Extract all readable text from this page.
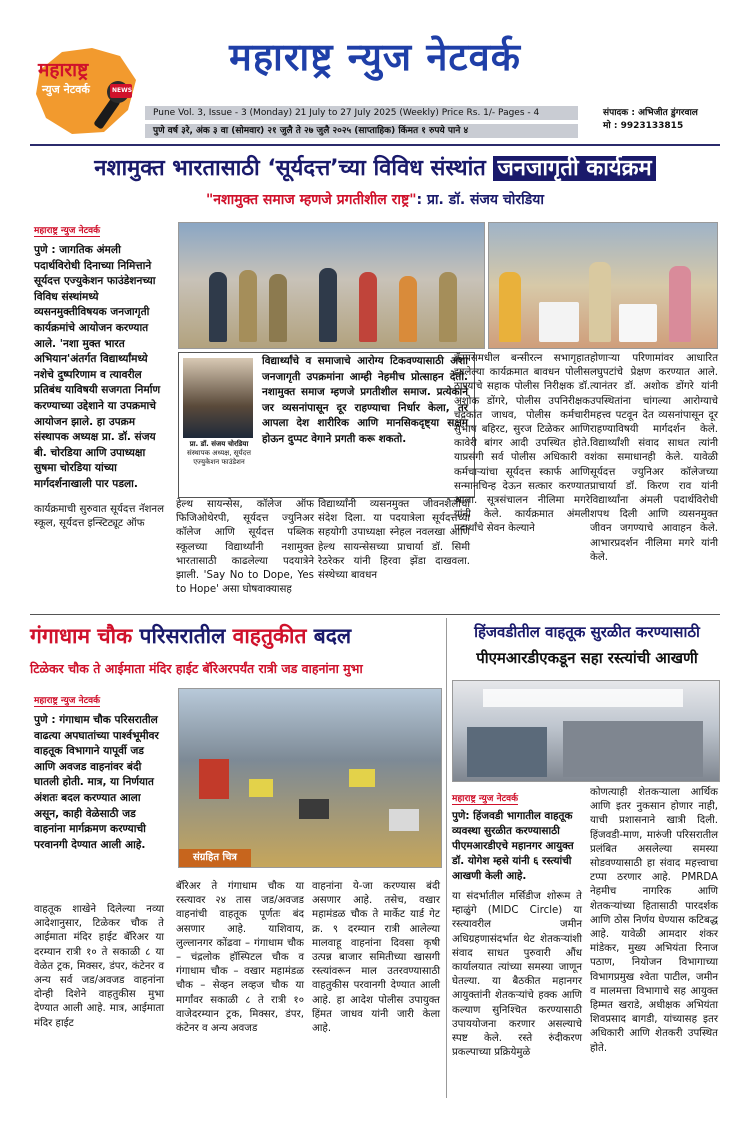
महाराष्ट्र
न्युज नेटवर्क	NEWS
महाराष्ट्र न्युज नेटवर्क
Pune Vol. 3, Issue - 3 (Monday) 21 July to 27 July 2025 (Weekly) Price Rs. 1/- Pages - 4
पुणे वर्ष ३रे, अंक ३ वा (सोमवार) २१ जुलै ते २७ जुलै २०२५ (साप्ताहिक) किंमत १ रुपये पाने ४
संपादक : अभिजीत डुंगरवाल
मो : 9923133815
नशामुक्त भारतासाठी ‘सूर्यदत्त’च्या विविध संस्थांत जनजागृती कार्यक्रम
"नशामुक्त समाज म्हणजे प्रगतीशील राष्ट्र": प्रा. डॉ. संजय चोरडिया
महाराष्ट्र न्युज नेटवर्क
पुणे : जागतिक अंमली पदार्थविरोधी दिनाच्या निमित्ताने सूर्यदत्त एज्युकेशन फाउंडेशनच्या विविध संस्थांमध्ये व्यसनमुक्तीविषयक जनजागृती कार्यक्रमांचे आयोजन करण्यात आले. 'नशा मुक्त भारत अभियान'अंतर्गत विद्यार्थ्यांमध्ये नशेचे दुष्परिणाम व त्यावरील प्रतिबंध याविषयी सजगता निर्माण करण्याच्या उद्देशाने या उपक्रमाचे आयोजन झाले. हा उपक्रम संस्थापक अध्यक्ष प्रा. डॉ. संजय बी. चोरडिया आणि उपाध्यक्षा सुषमा चोरडिया यांच्या मार्गदर्शनाखाली पार पडला.
कार्यक्रमाची सुरुवात सूर्यदत्त नॅशनल स्कूल, सूर्यदत्त इन्स्टिट्यूट ऑफ
प्रा. डॉ. संजय चोरडिया
संस्थापक अध्यक्ष, सूर्यदत्त एज्युकेशन फाउंडेशन
विद्यार्थ्यांचे व समाजाचे आरोग्य टिकवण्यासाठी अशा जनजागृती उपक्रमांना आम्ही नेहमीच प्रोत्साहन देतो. नशामुक्त समाज म्हणजे प्रगतीशील समाज. प्रत्येकाने जर व्यसनांपासून दूर राहण्याचा निर्धार केला, तर आपला देश शारीरिक आणि मानसिकदृष्ट्या सक्षम होऊन दुप्पट वेगाने प्रगती करू शकतो.
हेल्थ सायन्सेस, कॉलेज ऑफ फिजिओथेरपी, सूर्यदत्त ज्युनिअर कॉलेज आणि सूर्यदत्त पब्लिक स्कूलच्या विद्यार्थ्यांनी नशामुक्त भारतासाठी काढलेल्या पदयात्रेने झाली. 'Say No to Dope, Yes to Hope' असा घोषवाक्यासह
विद्यार्थ्यांनी व्यसनमुक्त जीवनशैलीचा संदेश दिला. या पदयात्रेला सूर्यदत्तच्या सहयोगी उपाध्यक्षा स्नेहल नवलखा आणि हेल्थ सायन्सेसच्या प्राचार्या डॉ. सिमी रेठरेकर यांनी हिरवा झेंडा दाखवला. संस्थेच्या बावधन
कॅम्पसमधील बन्सीरत्न सभागृहात झालेल्या कार्यक्रमात बावधन पोलीस ठाण्याचे सहाक पोलीस निरीक्षक डॉ. अशोक डोंगरे, पोलीस उपनिरीक्षक चंद्रकांत जाधव, पोलीस कर्मचारी सुभाष बहिरट, सुरज टिळेकर आणि कावेरी बांगर आदी उपस्थित होते. याप्रसंगी सर्व पोलीस अधिकारी व कर्मचाऱ्यांचा सूर्यदत्त स्कार्फ आणि सन्मानचिन्ह देऊन सत्कार करण्यात आला. सूत्रसंचालन नीलिमा मगरे यांनी केले. कार्यक्रमात अंमली पदार्थांचे सेवन केल्याने
होणाऱ्या परिणामांवर आधारित लघुपटांचे प्रेक्षण करण्यात आले. त्यानंतर डॉ. अशोक डोंगरे यांनी उपस्थितांना चांगल्या आरोग्याचे महत्त्व पटवून देत व्यसनांपासून दूर राहण्याविषयी मार्गदर्शन केले. विद्यार्थ्यांशी संवाद साधत त्यांनी शंका समाधानही केले. यावेळी सूर्यदत्त ज्युनिअर कॉलेजच्या प्राचार्या डॉ. किरण राव यांनी विद्यार्थ्यांना अंमली पदार्थविरोधी शपथ दिली आणि व्यसनमुक्त जीवन जगण्याचे आवाहन केले. आभारप्रदर्शन नीलिमा मगरे यांनी केले.
गंगाधाम चौक परिसरातील वाहतुकीत बदल
टिळेकर चौक ते आईमाता मंदिर हाईट बॅरिअरपर्यंत रात्री जड वाहनांना मुभा
महाराष्ट्र न्युज नेटवर्क
पुणे : गंगाधाम चौक परिसरातील वाढत्या अपघातांच्या पार्श्वभूमीवर वाहतूक विभागाने यापूर्वी जड आणि अवजड वाहनांवर बंदी घातली होती. मात्र, या निर्णयात अंशतः बदल करण्यात आला असून, काही वेळेसाठी जड वाहनांना मार्गक्रमण करण्याची परवानगी देण्यात आली आहे.
वाहतूक शाखेने दिलेल्या नव्या आदेशानुसार, टिळेकर चौक ते आईमाता मंदिर हाईट बॅरिअर या दरम्यान रात्री १० ते सकाळी ८ या वेळेत ट्रक, मिक्सर, डंपर, कंटेनर व अन्य सर्व जड/अवजड वाहनांना दोन्ही दिशेने वाहतुकीस मुभा देण्यात आली आहे. मात्र, आईमाता मंदिर हाईट
संग्रहित चित्र
बॅरिअर ते गंगाधाम चौक या रस्त्यावर २४ तास जड/अवजड वाहनांची वाहतूक पूर्णतः बंद असणार आहे. याशिवाय, लुल्लानगर कोंढवा – गंगाधाम चौक – चंद्रलोक हॉस्पिटल चौक व गंगाधाम चौक – वखार महामंडळ चौक – सेव्हन लव्हज चौक या मार्गांवर सकाळी ८ ते रात्री १० वाजेदरम्यान ट्रक, मिक्सर, डंपर, कंटेनर व अन्य अवजड
वाहनांना ये-जा करण्यास बंदी असणार आहे. तसेच, वखार महामंडळ चौक ते मार्केट यार्ड गेट क्र. ९ दरम्यान रात्री आलेल्या मालवाहू वाहनांना दिवसा कृषी उत्पन्न बाजार समितीच्या खासगी रस्त्यांवरून माल उतरवण्यासाठी वाहतुकीस परवानगी देण्यात आली आहे. हा आदेश पोलीस उपायुक्त हिंमत जाधव यांनी जारी केला आहे.
हिंजवडीतील वाहतूक सुरळीत करण्यासाठी
पीएमआरडीएकडून सहा रस्त्यांची आखणी
महाराष्ट्र न्युज नेटवर्क
पुणे: हिंजवडी भागातील वाहतूक व्यवस्था सुरळीत करण्यासाठी पीएमआरडीएचे महानगर आयुक्त डॉ. योगेश म्हसे यांनी ६ रस्त्यांची आखणी केली आहे.
या संदर्भातील मर्सिडीज शोरूम ते म्हाळुंगे (MIDC Circle) या रस्त्यावरील जमीन अधिग्रहणासंदर्भात थेट शेतकऱ्यांशी संवाद साधत पुरुवारी औंध कार्यालयात त्यांच्या समस्या जाणून घेतल्या. या बैठकीत महानगर आयुक्तांनी शेतकऱ्यांचे हक्क आणि कल्याण सुनिश्चित करण्यासाठी उपाययोजना करणार असल्याचे स्पष्ट केले. रस्ते रुंदीकरण प्रकल्पाच्या प्रक्रियेमुळे
कोणत्याही शेतकऱ्याला आर्थिक आणि इतर नुकसान होणार नाही, याची प्रशासनाने खात्री दिली. हिंजवडी-माण, मारुंजी परिसरातील प्रलंबित असलेल्या समस्या सोडवण्यासाठी हा संवाद महत्त्वाचा टप्पा ठरणार आहे. PMRDA नेहमीच नागरिक आणि शेतकऱ्यांच्या हितासाठी पारदर्शक आणि ठोस निर्णय घेण्यास कटिबद्ध आहे. यावेळी आमदार शंकर मांडेकर, मुख्य अभियंता रिनाज पठाण, नियोजन विभागाच्या विभागप्रमुख श्वेता पाटील, जमीन व मालमत्ता विभागाचे सह आयुक्त हिम्मत खराडे, अधीक्षक अभियंता शिवप्रसाद बागडी, यांच्यासह इतर अधिकारी आणि शेतकरी उपस्थित होते.
